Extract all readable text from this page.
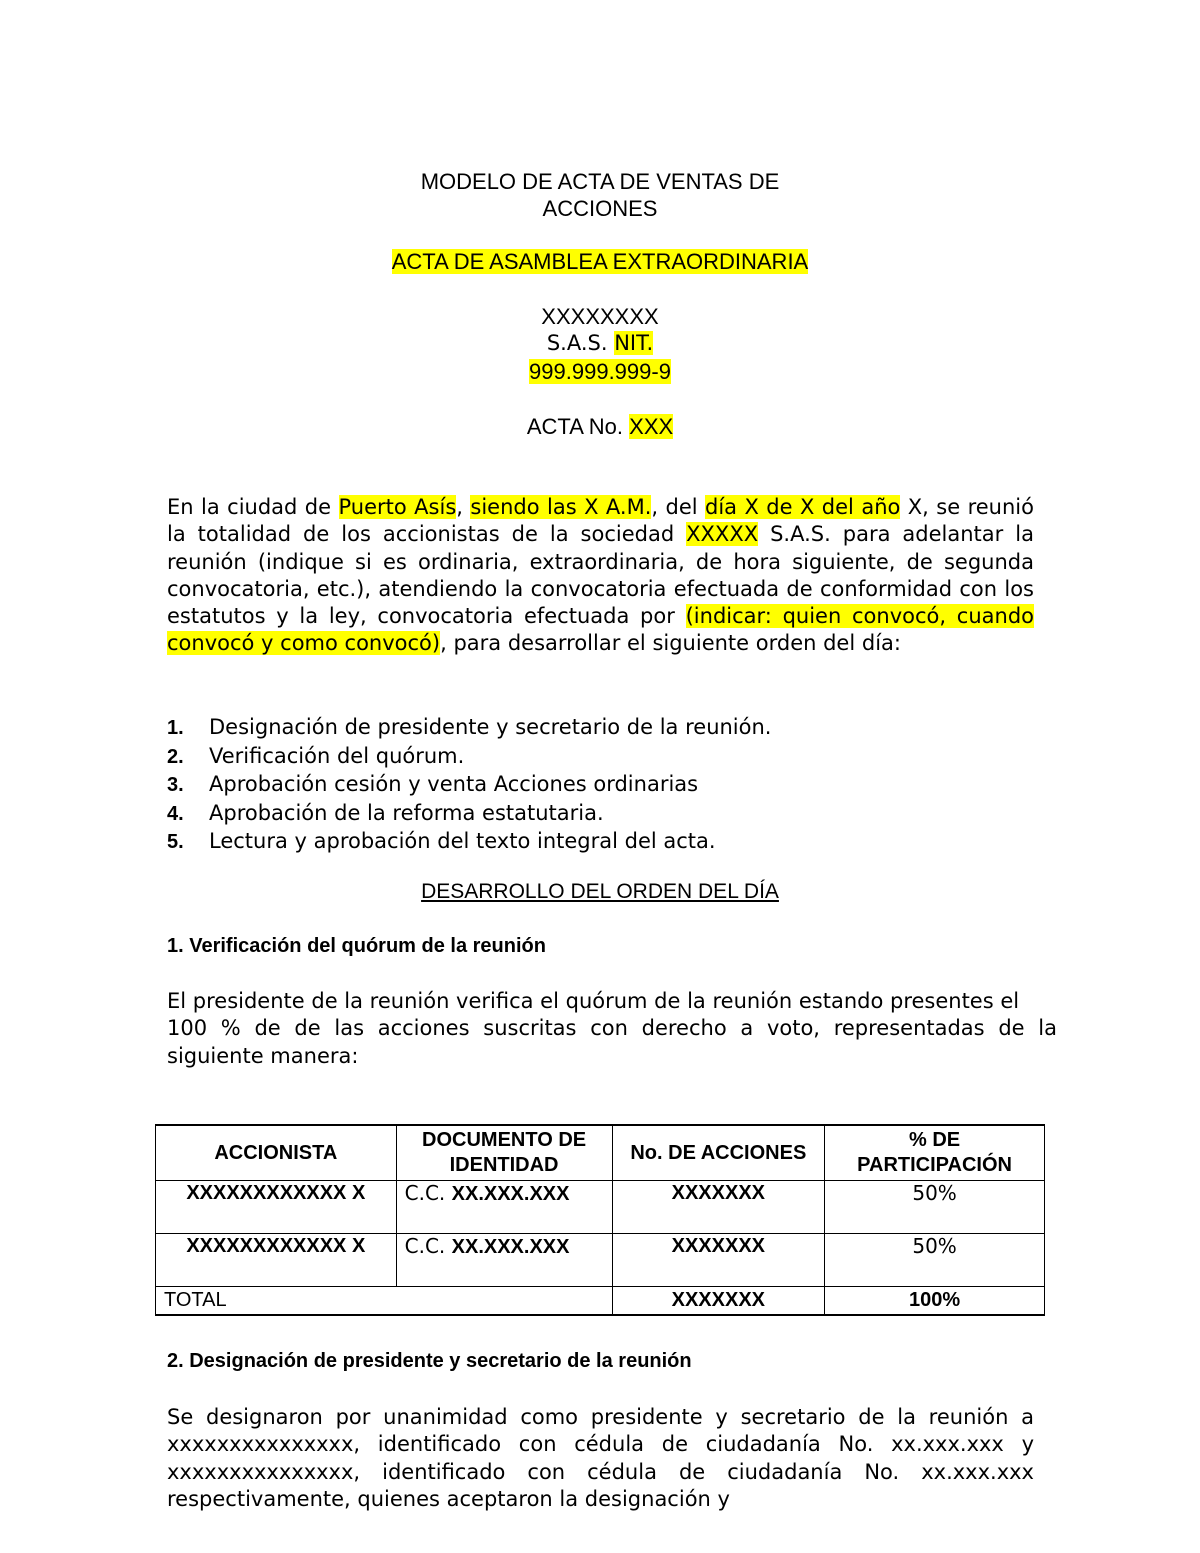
MODELO DE ACTA DE VENTAS DE
ACCIONES
ACTA DE ASAMBLEA EXTRAORDINARIA
XXXXXXXX
S.A.S. NIT.
999.999.999-9
ACTA No. XXX
En la ciudad de Puerto Asís, siendo las X A.M., del día X de X del año X, se reunió la totalidad de los accionistas de la sociedad XXXXX S.A.S. para adelantar la reunión (indique si es ordinaria, extraordinaria, de hora siguiente, de segunda convocatoria, etc.), atendiendo la convocatoria efectuada de conformidad con los estatutos y la ley, convocatoria efectuada por (indicar: quien convocó, cuando convocó y como convocó), para desarrollar el siguiente orden del día:
1. Designación de presidente y secretario de la reunión.
2. Verificación del quórum.
3. Aprobación cesión y venta Acciones ordinarias
4. Aprobación de la reforma estatutaria.
5. Lectura y aprobación del texto integral del acta.
DESARROLLO DEL ORDEN DEL DÍA
1. Verificación del quórum de la reunión
El presidente de la reunión verifica el quórum de la reunión estando presentes el
100 % de de las acciones suscritas con derecho a voto, representadas de la siguiente manera:
ACCIONISTA	DOCUMENTO DE IDENTIDAD	No. DE ACCIONES	% DE PARTICIPACIÓN
XXXXXXXXXXXX X	C.C. XX.XXX.XXX	XXXXXXX	50%
XXXXXXXXXXXX X	C.C. XX.XXX.XXX	XXXXXXX	50%
TOTAL		XXXXXXX	100%
2. Designación de presidente y secretario de la reunión
Se designaron por unanimidad como presidente y secretario de la reunión a xxxxxxxxxxxxxxx, identificado con cédula de ciudadanía No. xx.xxx.xxx y xxxxxxxxxxxxxxx, identificado con cédula de ciudadanía No. xx.xxx.xxx respectivamente, quienes aceptaron la designación y
